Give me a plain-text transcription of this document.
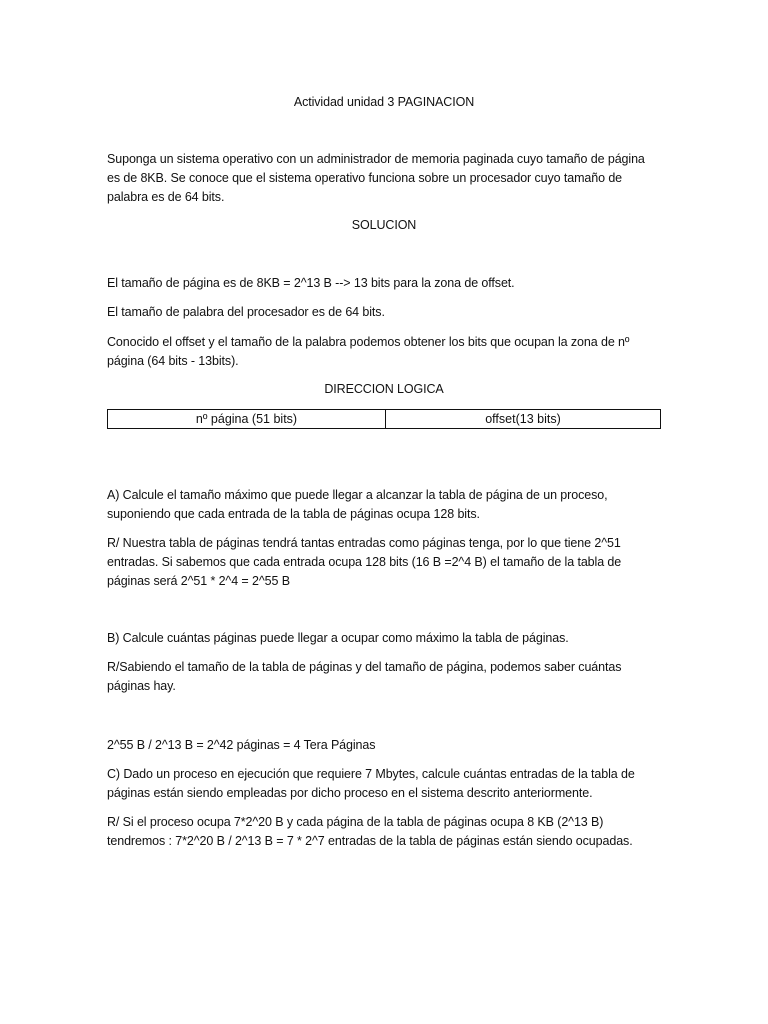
Actividad unidad 3 PAGINACION
Suponga un sistema operativo con un administrador de memoria paginada cuyo tamaño de página
es de 8KB. Se conoce que el sistema operativo funciona sobre un procesador cuyo tamaño de
palabra es de 64 bits.
SOLUCION
El tamaño de página es de 8KB = 2^13 B --> 13 bits para la zona de offset.
El tamaño de palabra del procesador es de 64 bits.
Conocido el offset y el tamaño de la palabra podemos obtener los bits que ocupan la zona de nº
página (64 bits - 13bits).
DIRECCION LOGICA
nº página (51 bits)	offset(13 bits)
A) Calcule el tamaño máximo que puede llegar a alcanzar la tabla de página de un proceso,
suponiendo que cada entrada de la tabla de páginas ocupa 128 bits.
R/ Nuestra tabla de páginas tendrá tantas entradas como páginas tenga, por lo que tiene 2^51
entradas. Si sabemos que cada entrada ocupa 128 bits (16 B =2^4 B) el tamaño de la tabla de
páginas será 2^51 * 2^4 = 2^55 B
B) Calcule cuántas páginas puede llegar a ocupar como máximo la tabla de páginas.
R/Sabiendo el tamaño de la tabla de páginas y del tamaño de página, podemos saber cuántas
páginas hay.
2^55 B / 2^13 B = 2^42 páginas = 4 Tera Páginas
C) Dado un proceso en ejecución que requiere 7 Mbytes, calcule cuántas entradas de la tabla de
páginas están siendo empleadas por dicho proceso en el sistema descrito anteriormente.
R/ Si el proceso ocupa 7*2^20 B y cada página de la tabla de páginas ocupa 8 KB (2^13 B)
tendremos : 7*2^20 B / 2^13 B = 7 * 2^7 entradas de la tabla de páginas están siendo ocupadas.
